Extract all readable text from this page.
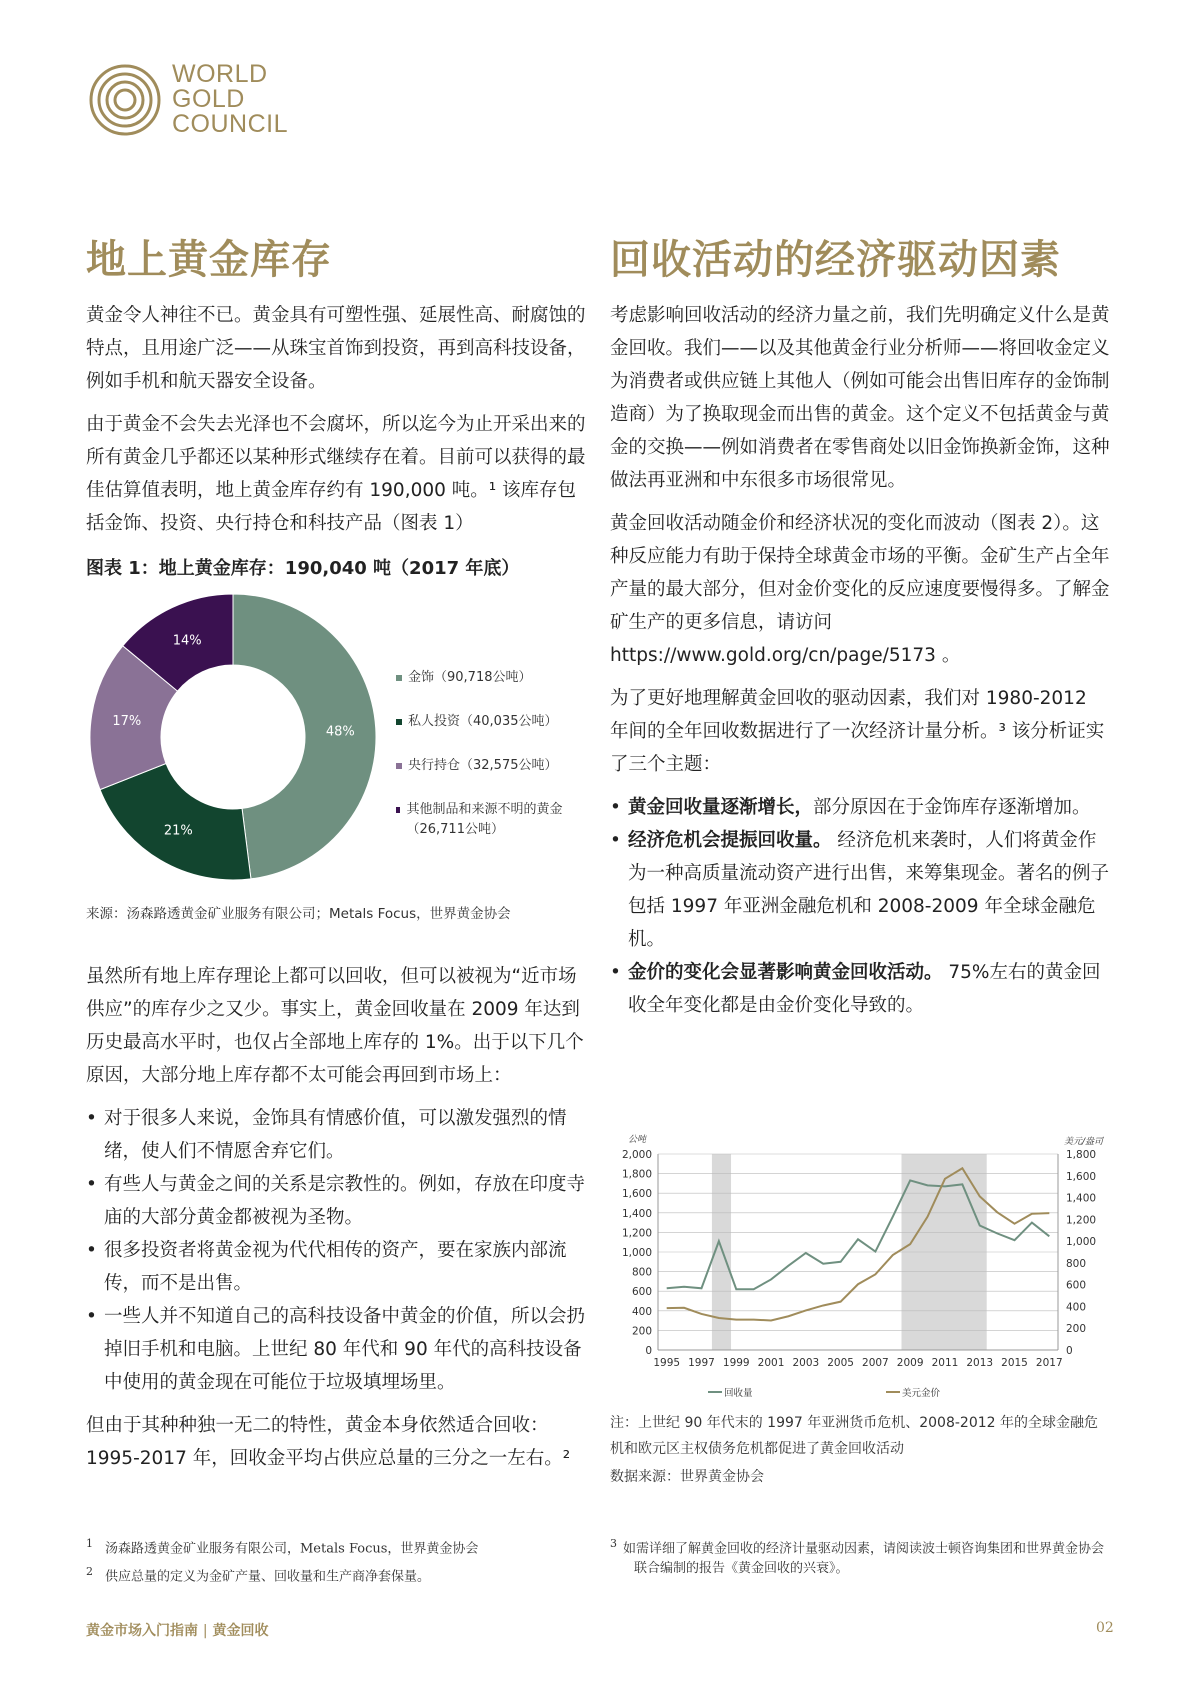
WORLD
GOLD
COUNCIL
地上黄金库存

黄金令人神往不已。黄金具有可塑性强、延展性高、耐腐蚀的特点，且用途广泛——从珠宝首饰到投资，再到高科技设备，例如手机和航天器安全设备。

由于黄金不会失去光泽也不会腐坏，所以迄今为止开采出来的所有黄金几乎都还以某种形式继续存在着。目前可以获得的最佳估算值表明，地上黄金库存约有 190,000 吨。¹ 该库存包括金饰、投资、央行持仓和科技产品（图表 1）

图表 1：地上黄金库存：190,040 吨（2017 年底）
48%
21%
17%
14%
金饰（90,718公吨）
私人投资（40,035公吨）
央行持仓（32,575公吨）
其他制品和来源不明的黄金（26,711公吨）
来源：汤森路透黄金矿业服务有限公司；Metals Focus，世界黄金协会

虽然所有地上库存理论上都可以回收，但可以被视为“近市场供应”的库存少之又少。事实上，黄金回收量在 2009 年达到历史最高水平时，也仅占全部地上库存的 1%。出于以下几个原因，大部分地上库存都不太可能会再回到市场上：

• 对于很多人来说，金饰具有情感价值，可以激发强烈的情绪，使人们不情愿舍弃它们。
• 有些人与黄金之间的关系是宗教性的。例如，存放在印度寺庙的大部分黄金都被视为圣物。
• 很多投资者将黄金视为代代相传的资产，要在家族内部流传，而不是出售。
• 一些人并不知道自己的高科技设备中黄金的价值，所以会扔掉旧手机和电脑。上世纪 80 年代和 90 年代的高科技设备中使用的黄金现在可能位于垃圾填埋场里。

但由于其种种独一无二的特性，黄金本身依然适合回收：1995-2017 年，回收金平均占供应总量的三分之一左右。²

回收活动的经济驱动因素

考虑影响回收活动的经济力量之前，我们先明确定义什么是黄金回收。我们——以及其他黄金行业分析师——将回收金定义为消费者或供应链上其他人（例如可能会出售旧库存的金饰制造商）为了换取现金而出售的黄金。这个定义不包括黄金与黄金的交换——例如消费者在零售商处以旧金饰换新金饰，这种做法再亚洲和中东很多市场很常见。

黄金回收活动随金价和经济状况的变化而波动（图表 2）。这种反应能力有助于保持全球黄金市场的平衡。金矿生产占全年产量的最大部分，但对金价变化的反应速度要慢得多。了解金矿生产的更多信息，请访问
https://www.gold.org/cn/page/5173 。

为了更好地理解黄金回收的驱动因素，我们对 1980-2012 年间的全年回收数据进行了一次经济计量分析。³ 该分析证实了三个主题：

• 黄金回收量逐渐增长，部分原因在于金饰库存逐渐增加。
• 经济危机会提振回收量。 经济危机来袭时，人们将黄金作为一种高质量流动资产进行出售，来筹集现金。著名的例子包括 1997 年亚洲金融危机和 2008-2009 年全球金融危机。
• 金价的变化会显著影响黄金回收活动。 75%左右的黄金回收全年变化都是由金价变化导致的。
0
200
400
600
800
1,000
1,200
1,400
1,600
1,800
2,000
0
200
400
600
800
1,000
1,200
1,400
1,600
1,800
1995 1997 1999 2001 2003 2005 2007 2009 2011 2013 2015 2017
公吨	美元/盎司
回收量	美元金价
注：上世纪 90 年代末的 1997 年亚洲货币危机、2008-2012 年的全球金融危机和欧元区主权债务危机都促进了黄金回收活动
数据来源：世界黄金协会
$^1$ 汤森路透黄金矿业服务有限公司，Metals Focus，世界黄金协会
$^2$ 供应总量的定义为金矿产量、回收量和生产商净套保量。
$^3$ 如需详细了解黄金回收的经济计量驱动因素，请阅读波士顿咨询集团和世界黄金协会联合编制的报告《黄金回收的兴衰》。
黄金市场入门指南 | 黄金回收	02
